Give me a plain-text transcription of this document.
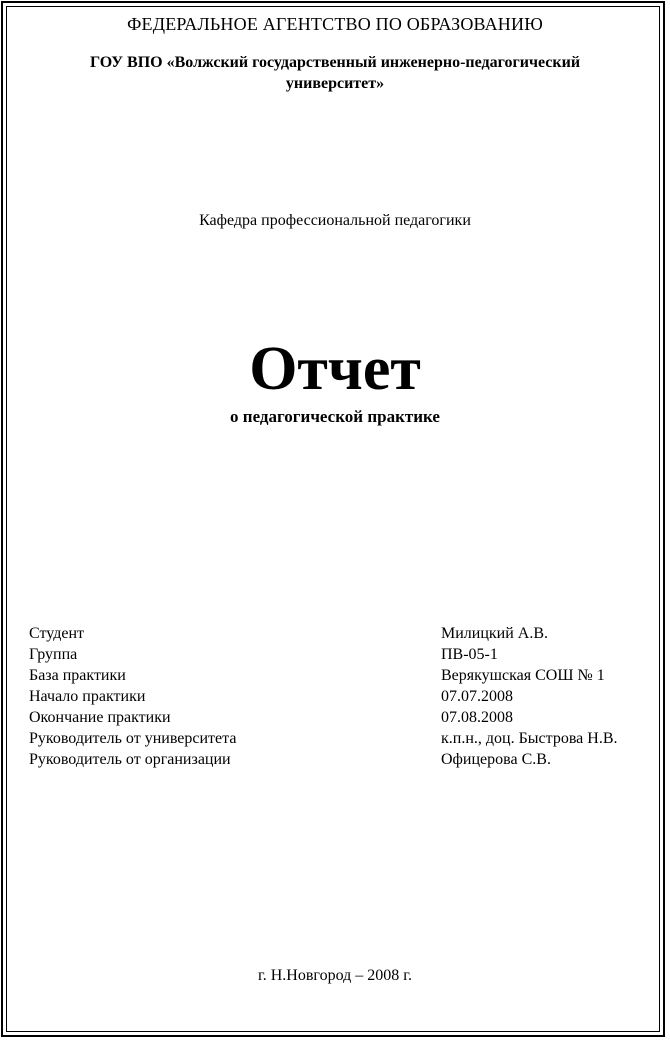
ФЕДЕРАЛЬНОЕ АГЕНТСТВО ПО ОБРАЗОВАНИЮ
ГОУ ВПО «Волжский государственный инженерно-педагогический университет»
Кафедра профессиональной педагогики
Отчет
о педагогической практике
Студент	Милицкий А.В.
Группа	ПВ-05-1
База практики	Верякушская СОШ № 1
Начало практики	07.07.2008
Окончание практики	07.08.2008
Руководитель от университета	к.п.н., доц. Быстрова Н.В.
Руководитель от организации	Офицерова С.В.
г. Н.Новгород – 2008 г.
